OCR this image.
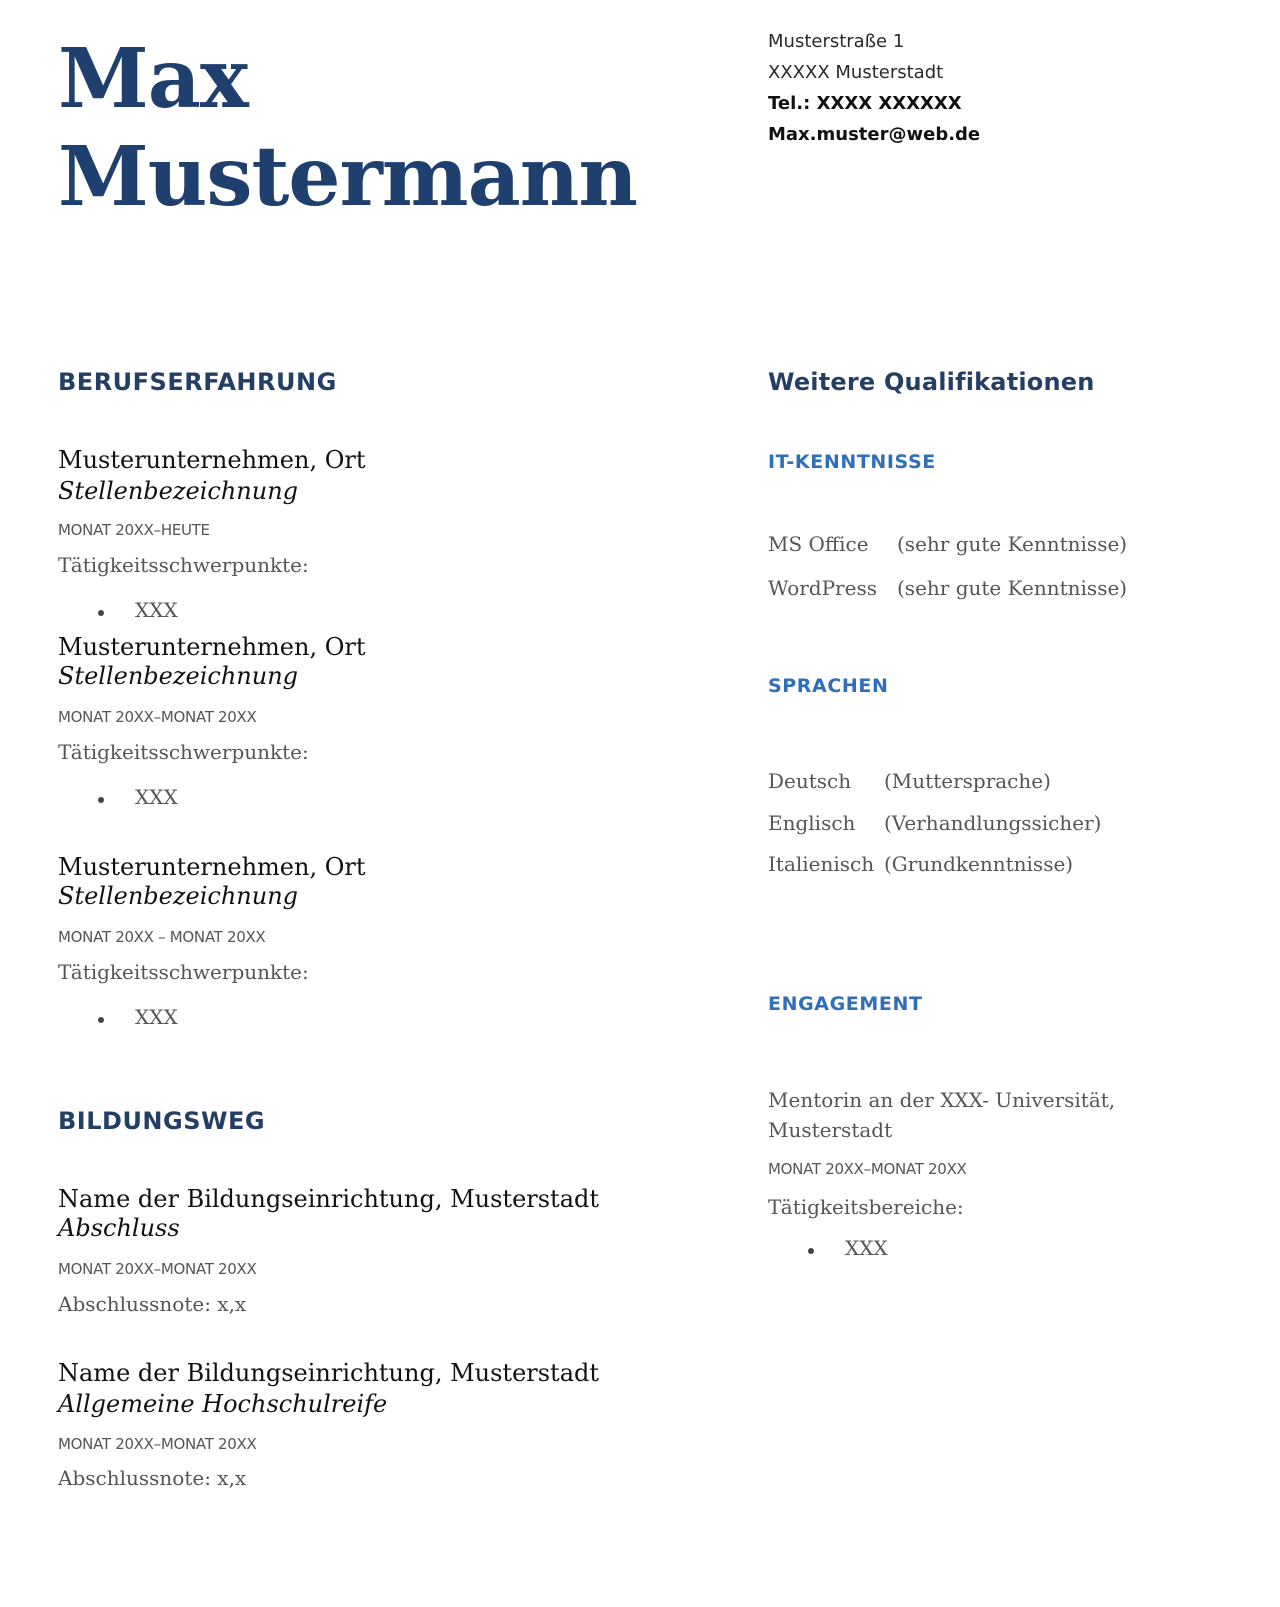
Max
Mustermann
Musterstraße 1
XXXXX Musterstadt
Tel.: XXXX XXXXXX
Max.muster@web.de
BERUFSERFAHRUNG
Musterunternehmen, Ort
Stellenbezeichnung
MONAT 20XX–HEUTE
Tätigkeitsschwerpunkte:
XXX
Musterunternehmen, Ort
Stellenbezeichnung
MONAT 20XX–MONAT 20XX
Tätigkeitsschwerpunkte:
XXX
Musterunternehmen, Ort
Stellenbezeichnung
MONAT 20XX – MONAT 20XX
Tätigkeitsschwerpunkte:
XXX
BILDUNGSWEG
Name der Bildungseinrichtung, Musterstadt
Abschluss
MONAT 20XX–MONAT 20XX
Abschlussnote: x,x
Name der Bildungseinrichtung, Musterstadt
Allgemeine Hochschulreife
MONAT 20XX–MONAT 20XX
Abschlussnote: x,x
Weitere Qualifikationen
IT-KENNTNISSE
MS Office (sehr gute Kenntnisse)
WordPress (sehr gute Kenntnisse)
SPRACHEN
Deutsch (Muttersprache)
Englisch (Verhandlungssicher)
Italienisch (Grundkenntnisse)
ENGAGEMENT
Mentorin an der XXX- Universität,
Musterstadt
MONAT 20XX–MONAT 20XX
Tätigkeitsbereiche:
XXX
